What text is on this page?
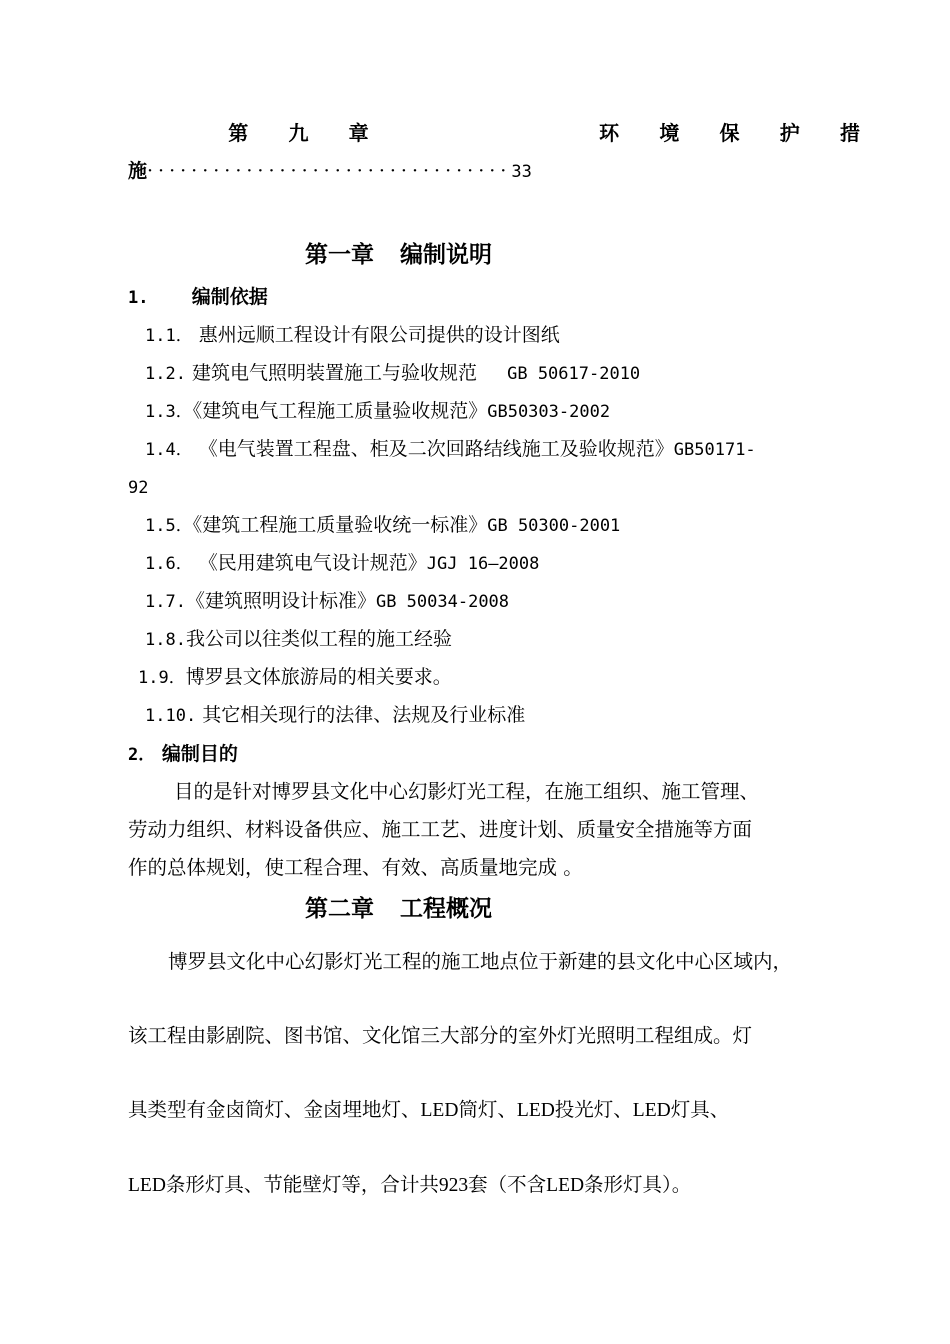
第 九 章	环 境 保 护 措
施·································33
第一章 编制说明
1. 编制依据
1.1． 惠州远顺工程设计有限公司提供的设计图纸
1.2. 建筑电气照明装置施工与验收规范 GB 50617-2010
1.3．《建筑电气工程施工质量验收规范》GB50303-2002
1.4． 《电气装置工程盘、柜及二次回路结线施工及验收规范》GB50171-
92
1.5．《建筑工程施工质量验收统一标准》GB 50300-2001
1.6． 《民用建筑电气设计规范》JGJ 16—2008
1.7.《建筑照明设计标准》GB 50034-2008
1.8.我公司以往类似工程的施工经验
1.9．博罗县文体旅游局的相关要求。
1.10. 其它相关现行的法律、法规及行业标准
2． 编制目的
目的是针对博罗县文化中心幻影灯光工程，在施工组织、施工管理、
劳动力组织、材料设备供应、施工工艺、进度计划、质量安全措施等方面
作的总体规划，使工程合理、有效、高质量地完成 。
第二章 工程概况
博罗县文化中心幻影灯光工程的施工地点位于新建的县文化中心区域内，
该工程由影剧院、图书馆、文化馆三大部分的室外灯光照明工程组成。灯
具类型有金卤筒灯、金卤埋地灯、LED筒灯、LED投光灯、LED灯具、
LED条形灯具、节能壁灯等，合计共923套（不含LED条形灯具）。
